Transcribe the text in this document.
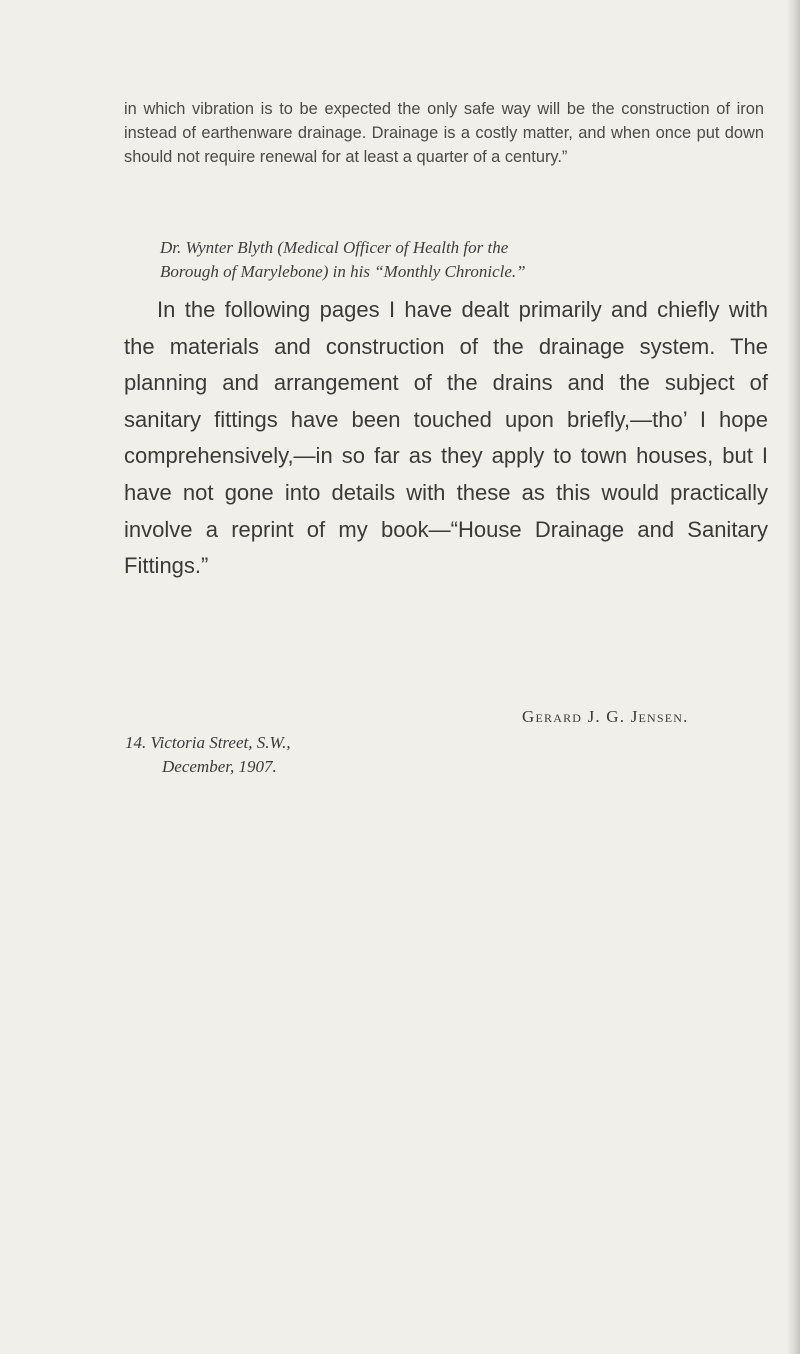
in which vibration is to be expected the only safe way will be the construction of iron instead of earthenware drainage. Drainage is a costly matter, and when once put down should not require renewal for at least a quarter of a century.”
Dr. Wynter Blyth (Medical Officer of Health for the
Borough of Marylebone) in his “Monthly Chronicle.”
In the following pages I have dealt primarily and chiefly with the materials and construction of the drainage system. The planning and arrangement of the drains and the subject of sanitary fittings have been touched upon briefly,—tho’ I hope comprehensively,—in so far as they apply to town houses, but I have not gone into details with these as this would practically involve a reprint of my book—“House Drainage and Sanitary Fittings.”
Gerard J. G. Jensen.
14. Victoria Street, S.W.,
December, 1907.
